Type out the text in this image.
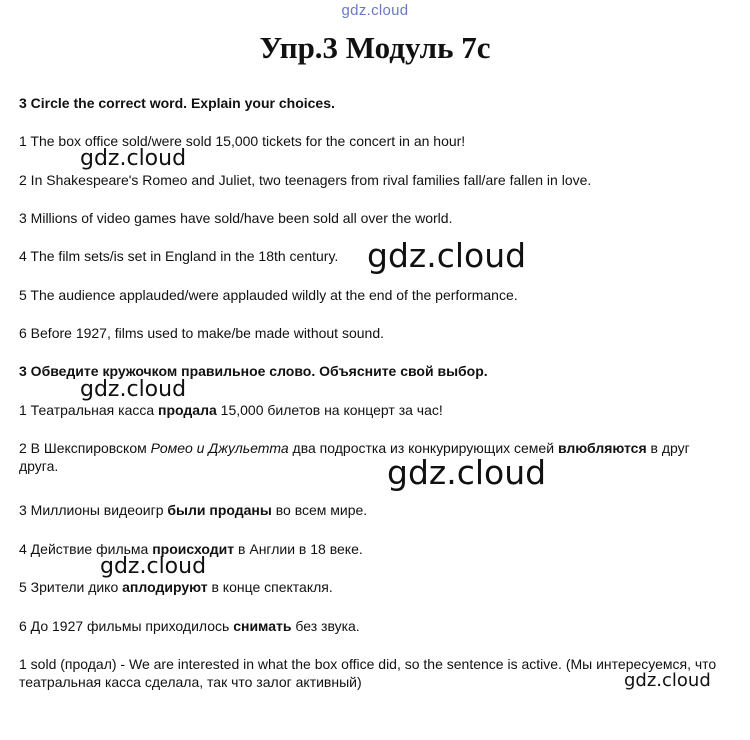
gdz.cloud
Упр.3 Модуль 7с
3 Circle the correct word. Explain your choices.
1 The box office sold/were sold 15,000 tickets for the concert in an hour!
2 In Shakespeare's Romeo and Juliet, two teenagers from rival families fall/are fallen in love.
3 Millions of video games have sold/have been sold all over the world.
4 The film sets/is set in England in the 18th century.
5 The audience applauded/were applauded wildly at the end of the performance.
6 Before 1927, films used to make/be made without sound.
3 Обведите кружочком правильное слово. Объясните свой выбор.
1 Театральная касса продала 15,000 билетов на концерт за час!
2 В Шекспировском Ромео и Джульетта два подростка из конкурирующих семей влюбляются в друг друга.
3 Миллионы видеоигр были проданы во всем мире.
4 Действие фильма происходит в Англии в 18 веке.
5 Зрители дико аплодируют в конце спектакля.
6 До 1927 фильмы приходилось снимать без звука.
1 sold (продал) - We are interested in what the box office did, so the sentence is active. (Мы интересуемся, что театральная касса сделала, так что залог активный)
gdz.cloud
gdz.cloud
gdz.cloud
gdz.cloud
gdz.cloud
gdz.cloud
